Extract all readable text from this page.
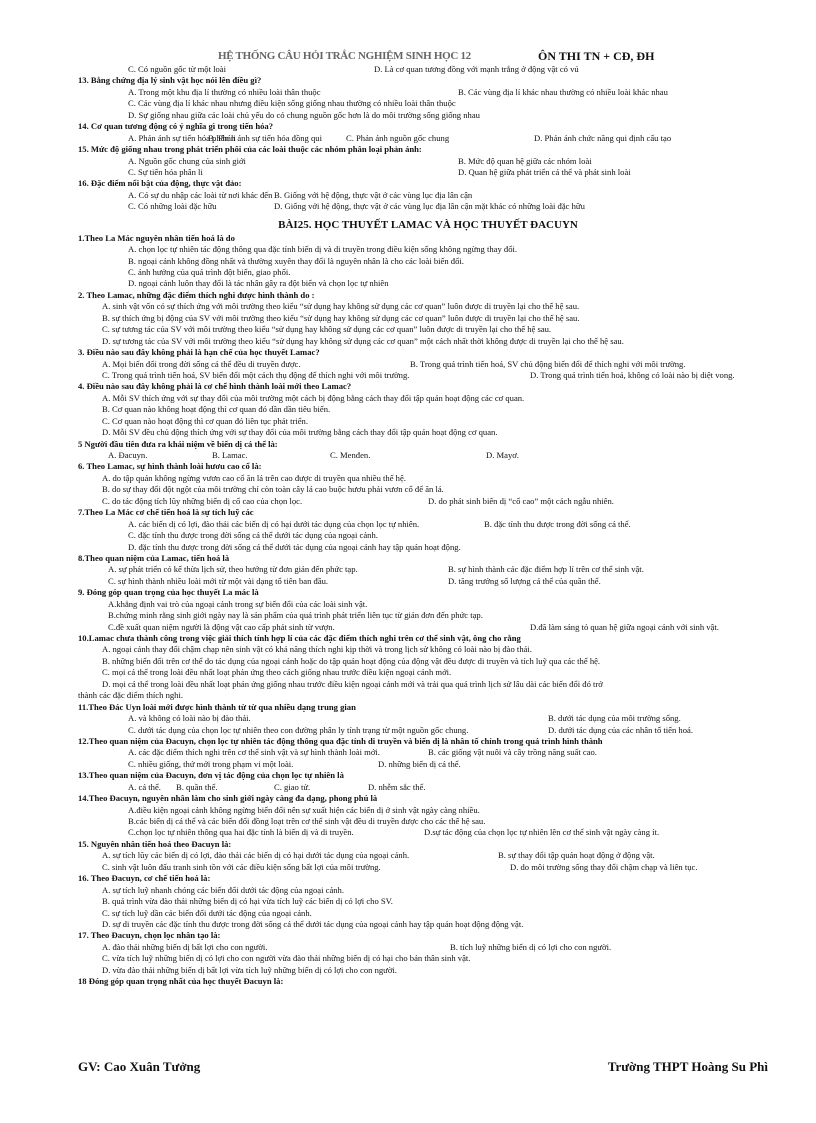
HỆ THỐNG CÂU HỎI TRẮC NGHIỆM SINH HỌC 12	ÔN THI TN + CĐ, ĐH
C. Có nguồn gốc từ một loài	D. Là cơ quan tương đồng với mạnh trắng ở động vật có vú
13. Bằng chứng địa lý sinh vật học nói lên điều gì?
A. Trong một khu địa lí thường có nhiều loài thân thuộc	B. Các vùng địa lí khác nhau thường có nhiều loài khác nhau
C. Các vùng địa lí khác nhau nhưng điều kiện sống giống nhau thường có nhiều loài thân thuộc
D. Sự giống nhau giữa các loài chủ yếu do có chung nguồn gốc hơn là do môi trường sống giống nhau
14. Cơ quan tương động có ý nghĩa gì trong tiến hóa?
A. Phản ánh sự tiến hóa phân li
B. Phản ánh sự tiến hóa đồng qui	C. Phản ánh nguồn gốc chung	D. Phản ánh chức năng qui định cấu tạo
15. Mức độ giống nhau trong phát triển phôi của các loài thuộc các nhóm phân loại phản ánh:
A. Nguồn gốc chung của sinh giới	B. Mức độ quan hệ giữa các nhóm loài
C. Sự tiến hóa phân li	D. Quan hệ giữa phát triển cá thể và phát sinh loài
16. Đặc điểm nổi bật của động, thực vật đảo:
A. Có sự du nhập các loài từ nơi khác đến B. Giống với hệ động, thực vật ở các vùng lục địa lân cận
C. Có những loài đặc hữu	D. Giống với hệ động, thực vật ở các vùng lục địa lân cận mặt khác có những loài đặc hữu
BÀI25. HỌC THUYẾT LAMAC VÀ HỌC THUYẾT ĐACUYN
1.Theo La Mác nguyên nhân tiến hoá là do
A. chọn lọc tự nhiên tác động thông qua đặc tính biến dị và di truyền trong điều kiện sống không ngừng thay đổi.
B. ngoại cảnh không đồng nhất và thường xuyên thay đổi là nguyên nhân là cho các loài biến đổi.
C. ảnh hưởng của quá trình đột biến, giao phối.
D. ngoại cảnh luôn thay đổi là tác nhân gây ra đột biến và chọn lọc tự nhiên
2. Theo Lamac, những đặc điểm thích nghi được hình thành do :
A. sinh vật vốn có sự thích ứng với môi trường theo kiểu “sử dụng hay không sử dụng các cơ quan” luôn được di truyền lại cho thế hệ sau.
B. sự thích ứng bị động của SV với môi trường theo kiểu “sử dụng hay không sử dụng các cơ quan” luôn được di truyền lại cho thế hệ sau.
C. sự tương tác của SV với môi trường theo kiểu “sử dụng hay không sử dụng các cơ quan” luôn được di truyền lại cho thế hệ sau.
D. sự tương tác của SV với môi trường theo kiểu “sử dụng hay không sử dụng các cơ quan” một cách nhất thời không được di truyền lại cho thế hệ sau.
3. Điều nào sau đây không phải là hạn chế của học thuyết Lamac?
A. Mọi biến đổi trong đời sống cá thể đều di truyền được.	B. Trong quá trình tiến hoá, SV chủ động biến đổi để thích nghi với môi trường.
C. Trong quá trình tiến hoá, SV biến đổi một cách thụ động để thích nghi với môi trường.	D. Trong quá trình tiến hoá, không có loài nào bị diệt vong.
4. Điều nào sau đây không phải là cơ chế hình thành loài mới theo Lamac?
A. Mỗi SV thích ứng với sự thay đổi của môi trường một cách bị động bằng cách thay đổi tập quán hoạt động các cơ quan.
B. Cơ quan nào không hoạt động thì cơ quan đó dần dần tiêu biến.
C. Cơ quan nào hoạt động thì cơ quan đó liên tục phát triển.
D. Mỗi SV đều chủ động thích ứng với sự thay đổi của môi trường bằng cách thay đổi tập quán hoạt động cơ quan.
5 Người đầu tiên đưa ra khái niệm về biến dị cá thể là:
A. Đacuyn.	B. Lamac.	C. Menđen.	D. Mayơ.
6. Theo Lamac, sự hình thành loài hươu cao cổ là:
A. do tập quán không ngừng vươn cao cổ ăn lá trên cao được di truyền qua nhiều thế hệ.
B. do sự thay đổi đột ngột của môi trường chỉ còn toàn cây lá cao buộc hươu phải vươn cổ để ăn lá.
C. do tác động tích lũy những biến dị cổ cao của chọn lọc.	D. do phát sinh biến dị “cổ cao” một cách ngẫu nhiên.
7.Theo La Mác cơ chế tiến hoá là sự tích luỹ các
A. các biến dị có lợi, đào thải các biến dị có hại dưới tác dụng của chọn lọc tự nhiên.	B. đặc tính thu được trong đời sống cá thể.
C. đặc tính thu được trong đời sống cá thể dưới tác dụng của ngoại cảnh.
D. đặc tính thu được trong đời sống cá thể dưới tác dụng của ngoại cảnh hay tập quán hoạt động.
8.Theo quan niệm của Lamac, tiến hoá là
A. sự phát triển có kế thừa lịch sử, theo hướng từ đơn giản đến phức tạp.	B. sự hình thành các đặc điểm hợp lí trên cơ thể sinh vật.
C. sự hình thành nhiều loài mới từ một vài dạng tổ tiên ban đầu.	D. tăng trưởng số lượng cá thể của quần thể.
9. Đóng góp quan trọng của học thuyết La mác là
A.khẳng định vai trò của ngoại cảnh trong sự biến đổi của các loài sinh vật.
B.chứng minh rằng sinh giới ngày nay là sản phẩm của quá trình phát triển liên tục từ giản đơn đến phức tạp.
C.đề xuất quan niệm người là động vật cao cấp phát sinh từ vượn.	D.đã làm sáng tỏ quan hệ giữa ngoại cảnh với sinh vật.
10.Lamac chưa thành công trong việc giải thích tính hợp lí của các đặc điểm thích nghi trên cơ thể sinh vật, ông cho rằng
A. ngoại cảnh thay đổi chậm chạp nên sinh vật có khả năng thích nghi kịp thời và trong lịch sử không có loài nào bị đào thải.
B. những biến đổi trên cơ thể do tác dụng của ngoại cảnh hoặc do tập quán hoạt động của động vật đều được di truyền và tích luỹ qua các thế hệ.
C. mọi cá thể trong loài đều nhất loạt phản ứng theo cách giống nhau trước điều kiện ngoại cảnh mới.
D. mọi cá thể trong loài đều nhất loạt phản ứng giống nhau trước điều kiện ngoại cảnh mới và trải qua quá trình lịch sử lâu dài các biến đổi đó trở
thành các đặc điểm thích nghi.
11.Theo Đác Uyn loài mới được hình thành từ từ qua nhiều dạng trung gian
A. và không có loài nào bị đào thải.	B. dưới tác dụng của môi trường sống.
C. dưới tác dụng của chọn lọc tự nhiên theo con đường phân ly tính trạng từ một nguồn gốc chung.	D. dưới tác dụng của các nhân tố tiến hoá.
12.Theo quan niệm của Đacuyn, chọn lọc tự nhiên tác động thông qua đặc tính di truyền và biến dị là nhân tố chính trong quá trình hình thành
A. các đặc điểm thích nghi trên cơ thể sinh vật và sự hình thành loài mới.	B. các giống vật nuôi và cây trồng năng suất cao.
C. nhiều giống, thứ mới trong phạm vi một loài.	D. những biến dị cá thể.
13.Theo quan niệm của Đacuyn, đơn vị tác động của chọn lọc tự nhiên là
A. cá thể. B. quần thể.	C. giao tử.	D. nhễm sắc thể.
14.Theo Đacuyn, nguyên nhân làm cho sinh giới ngày càng đa dạng, phong phú là
A.điều kiện ngoại cảnh không ngừng biến đổi nên sự xuất hiện các biến dị ở sinh vật ngày càng nhiều.
B.các biến dị cá thể và các biến đổi đồng loạt trên cơ thể sinh vật đều di truyền được cho các thế hệ sau.
C.chọn lọc tự nhiên thông qua hai đặc tính là biến dị và di truyền.	D.sự tác động của chọn lọc tự nhiên lên cơ thể sinh vật ngày càng ít.
15. Nguyên nhân tiến hoá theo Đacuyn là:
A. sự tích lũy các biến dị có lợi, đào thải các biến dị có hại dưới tác dụng của ngoại cảnh.	B. sự thay đổi tập quán hoạt động ở động vật.
C. sinh vật luôn đấu tranh sinh tồn với các điều kiện sống bất lợi của môi trường.	D. do môi trường sống thay đổi chậm chạp và liên tục.
16. Theo Đacuyn, cơ chế tiến hoá là:
A. sự tích luỹ nhanh chóng các biến đổi dưới tác động của ngoại cảnh.
B. quá trình vừa đào thải những biến dị có hại vừa tích luỹ các biến dị có lợi cho SV.
C. sự tích luỹ dần các biến đổi dưới tác động của ngoại cảnh.
D. sự di truyền các đặc tính thu được trong đời sống cá thể dưới tác dụng của ngoại cảnh hay tập quán hoạt động động vật.
17. Theo Đacuyn, chọn lọc nhân tạo là:
A. đào thải những biến dị bất lợi cho con người.	B. tích luỹ những biến dị có lợi cho con người.
C. vừa tích luỹ những biến dị có lợi cho con người vừa đào thải những biến dị có hại cho bản thân sinh vật.
D. vừa đào thải những biến dị bất lợi vừa tích luỹ những biến dị có lợi cho con người.
18 Đóng góp quan trọng nhất của học thuyết Đacuyn là:
GV: Cao Xuân Tưởng	Trường THPT Hoàng Su Phì
